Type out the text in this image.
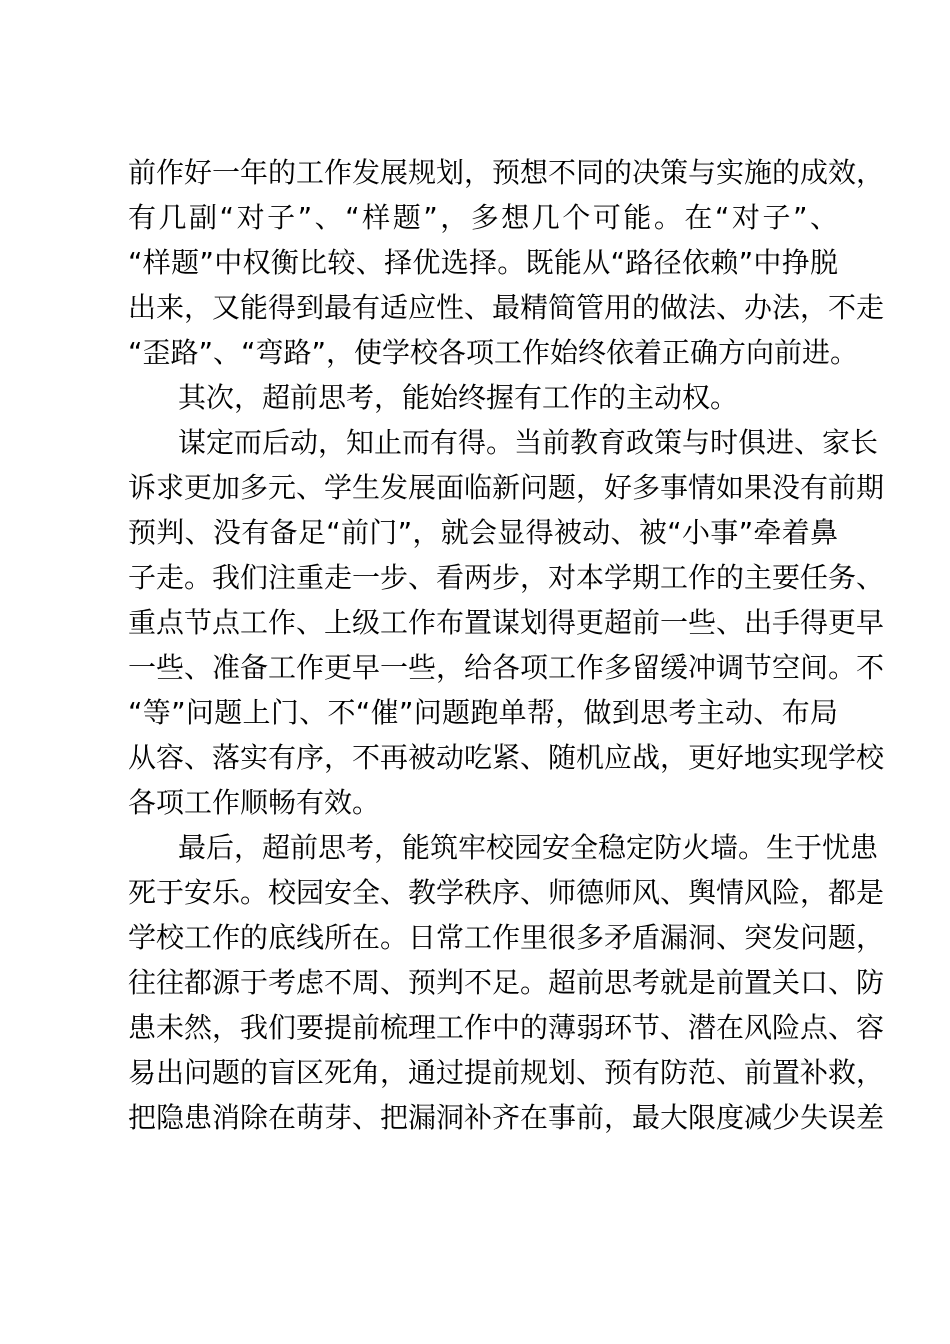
前作好一年的工作发展规划，预想不同的决策与实施的成效，
有几副“对子”、“样题”，多想几个可能。在“对子”、
“样题”中权衡比较、择优选择。既能从“路径依赖”中挣脱
出来，又能得到最有适应性、最精简管用的做法、办法，不走
“歪路”、“弯路”，使学校各项工作始终依着正确方向前进。
其次，超前思考，能始终握有工作的主动权。
谋定而后动，知止而有得。当前教育政策与时俱进、家长
诉求更加多元、学生发展面临新问题，好多事情如果没有前期
预判、没有备足“前门”，就会显得被动、被“小事”牵着鼻
子走。我们注重走一步、看两步，对本学期工作的主要任务、
重点节点工作、上级工作布置谋划得更超前一些、出手得更早
一些、准备工作更早一些，给各项工作多留缓冲调节空间。不
“等”问题上门、不“催”问题跑单帮，做到思考主动、布局
从容、落实有序，不再被动吃紧、随机应战，更好地实现学校
各项工作顺畅有效。
最后，超前思考，能筑牢校园安全稳定防火墙。生于忧患
死于安乐。校园安全、教学秩序、师德师风、舆情风险，都是
学校工作的底线所在。日常工作里很多矛盾漏洞、突发问题，
往往都源于考虑不周、预判不足。超前思考就是前置关口、防
患未然，我们要提前梳理工作中的薄弱环节、潜在风险点、容
易出问题的盲区死角，通过提前规划、预有防范、前置补救，
把隐患消除在萌芽、把漏洞补齐在事前，最大限度减少失误差
